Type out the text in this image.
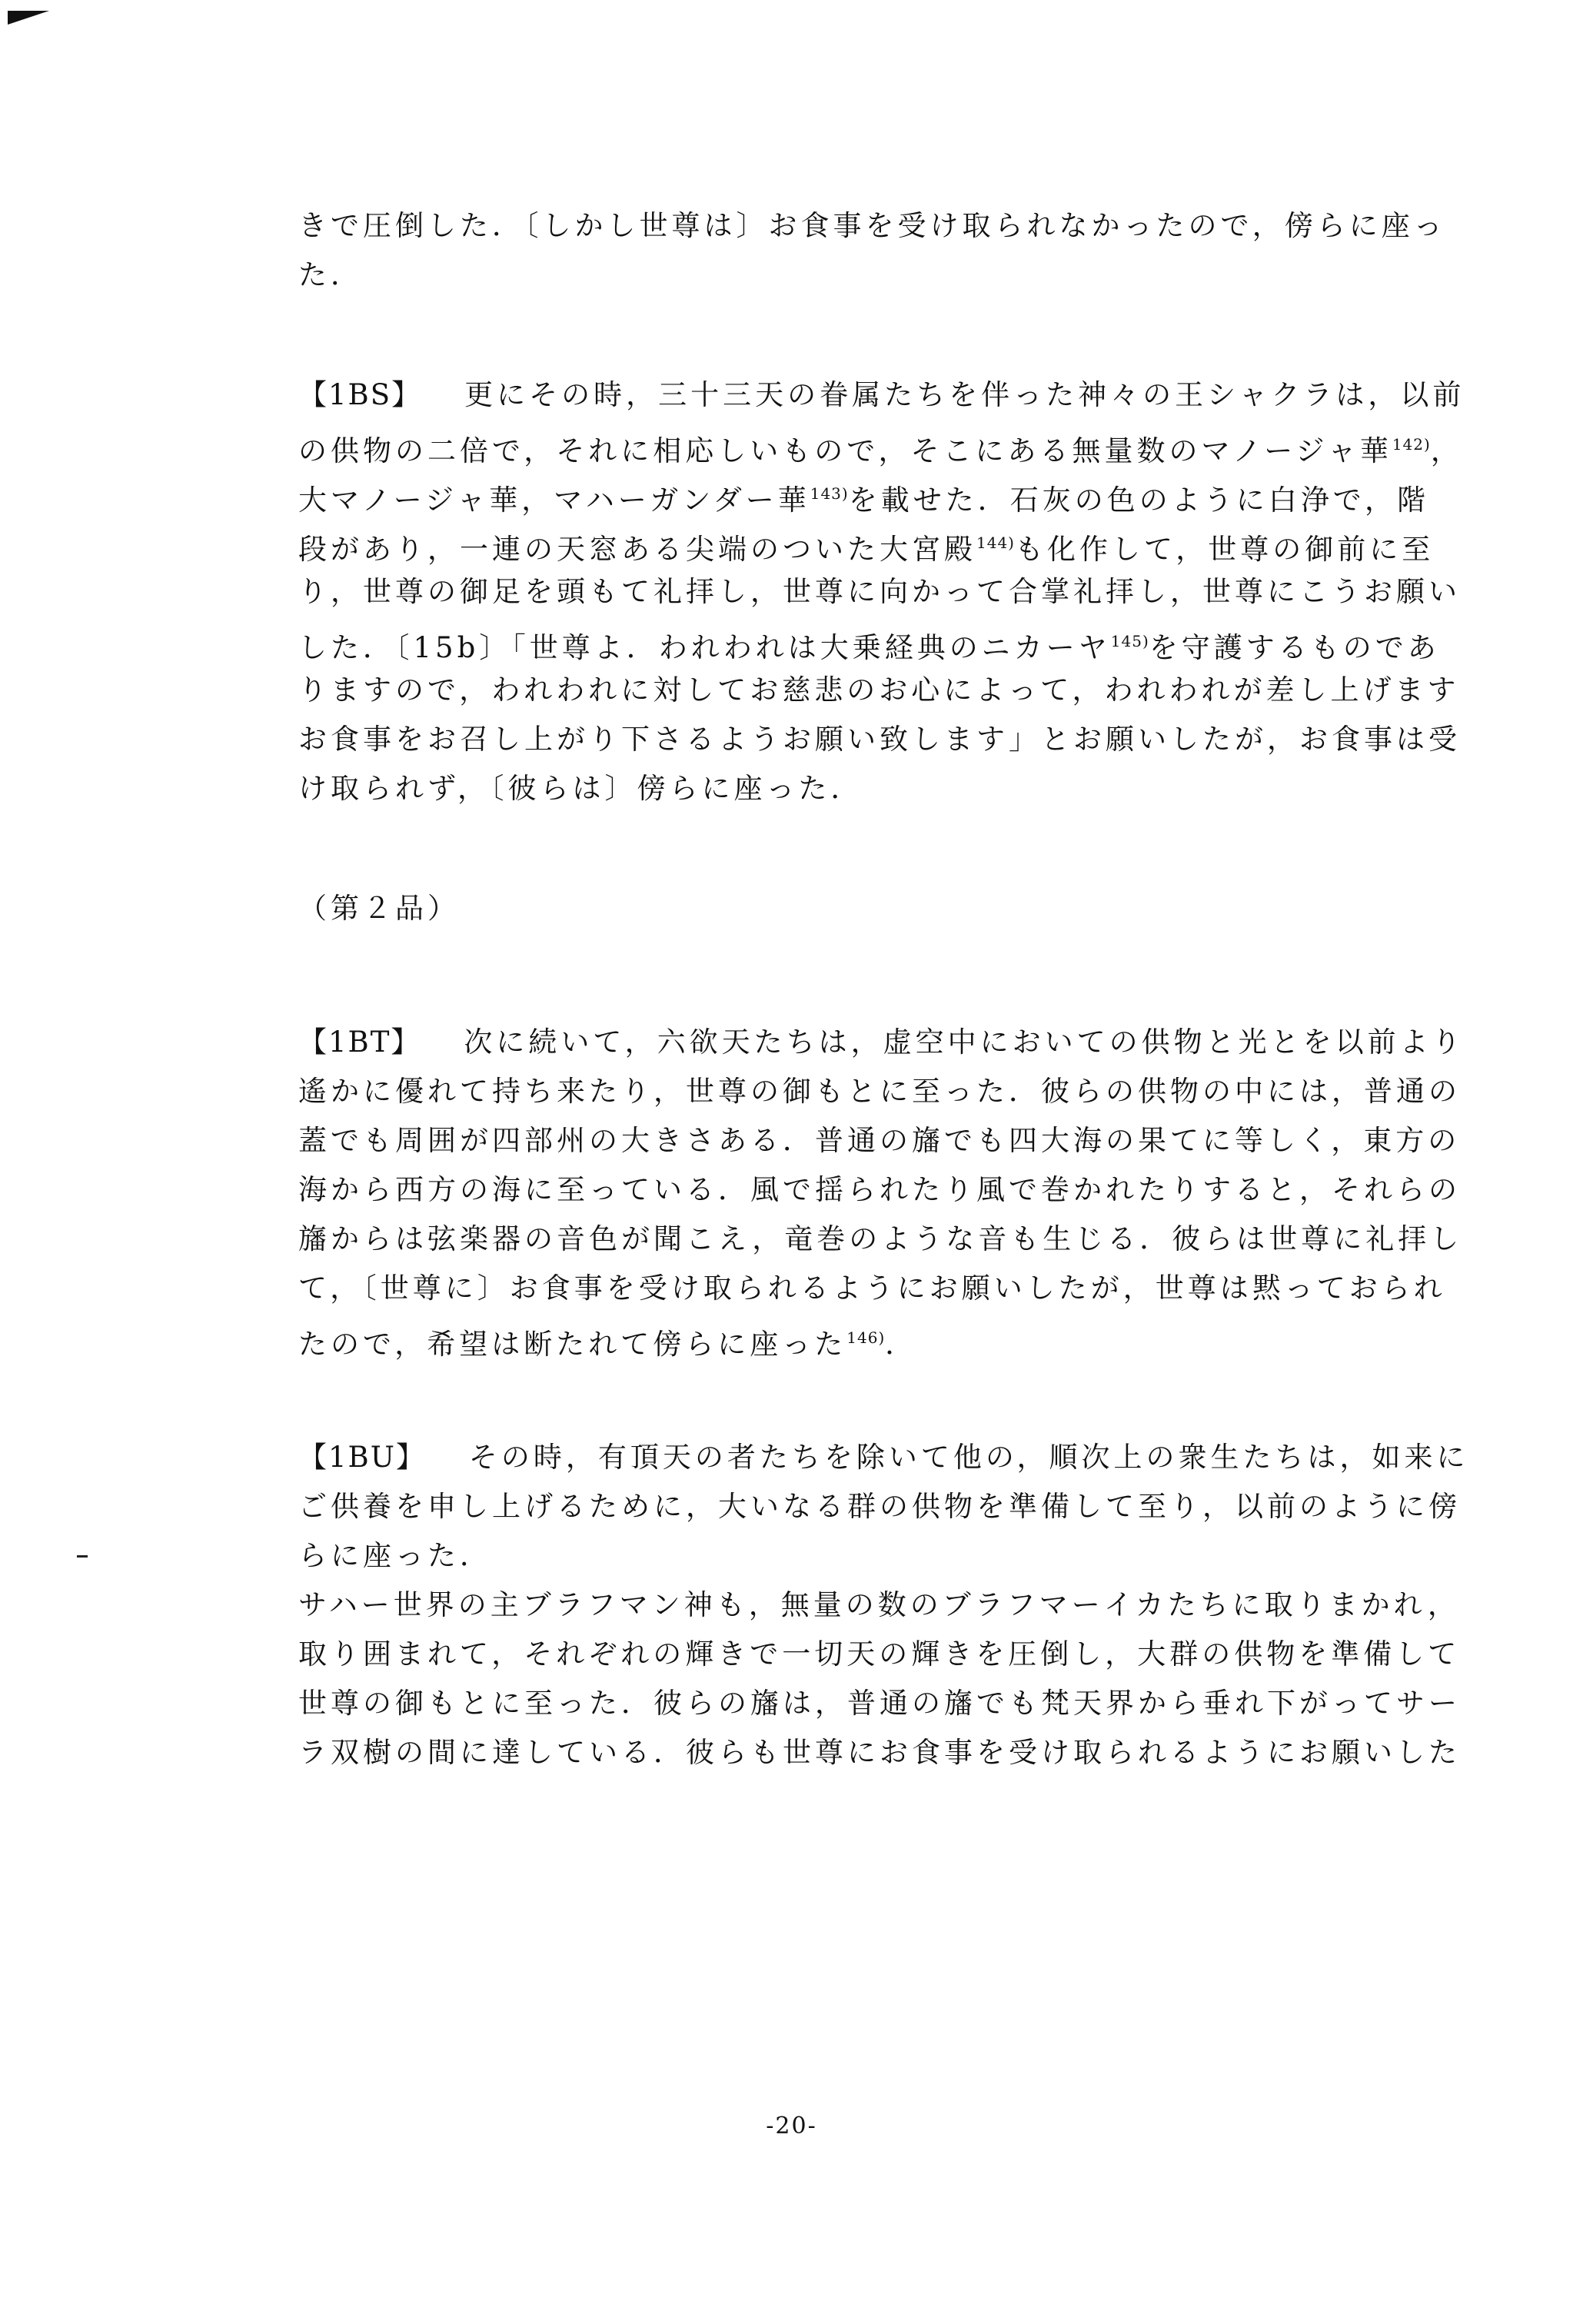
きで圧倒した．〔しかし世尊は〕お食事を受け取られなかったので，傍らに座っ
た．
【1BS】 更にその時，三十三天の眷属たちを伴った神々の王シャクラは，以前
の供物の二倍で，それに相応しいもので，そこにある無量数のマノージャ華$^{142)}$，
大マノージャ華，マハーガンダー華$^{143)}$を載せた．石灰の色のように白浄で，階
段があり，一連の天窓ある尖端のついた大宮殿$^{144)}$も化作して，世尊の御前に至
り，世尊の御足を頭もて礼拝し，世尊に向かって合掌礼拝し，世尊にこうお願い
した．〔15b〕「世尊よ．われわれは大乗経典のニカーヤ$^{145)}$を守護するものであ
りますので，われわれに対してお慈悲のお心によって，われわれが差し上げます
お食事をお召し上がり下さるようお願い致します」とお願いしたが，お食事は受
け取られず，〔彼らは〕傍らに座った．
（第２品）
【1BT】 次に続いて，六欲天たちは，虚空中においての供物と光とを以前より
遙かに優れて持ち来たり，世尊の御もとに至った．彼らの供物の中には，普通の
蓋でも周囲が四部州の大きさある．普通の旛でも四大海の果てに等しく，東方の
海から西方の海に至っている．風で揺られたり風で巻かれたりすると，それらの
旛からは弦楽器の音色が聞こえ，竜巻のような音も生じる．彼らは世尊に礼拝し
て，〔世尊に〕お食事を受け取られるようにお願いしたが，世尊は黙っておられ
たので，希望は断たれて傍らに座った$^{146)}$．
【1BU】 その時，有頂天の者たちを除いて他の，順次上の衆生たちは，如来に
ご供養を申し上げるために，大いなる群の供物を準備して至り，以前のように傍
らに座った．
サハー世界の主ブラフマン神も，無量の数のブラフマーイカたちに取りまかれ，
取り囲まれて，それぞれの輝きで一切天の輝きを圧倒し，大群の供物を準備して
世尊の御もとに至った．彼らの旛は，普通の旛でも梵天界から垂れ下がってサー
ラ双樹の間に達している．彼らも世尊にお食事を受け取られるようにお願いした
-20-
